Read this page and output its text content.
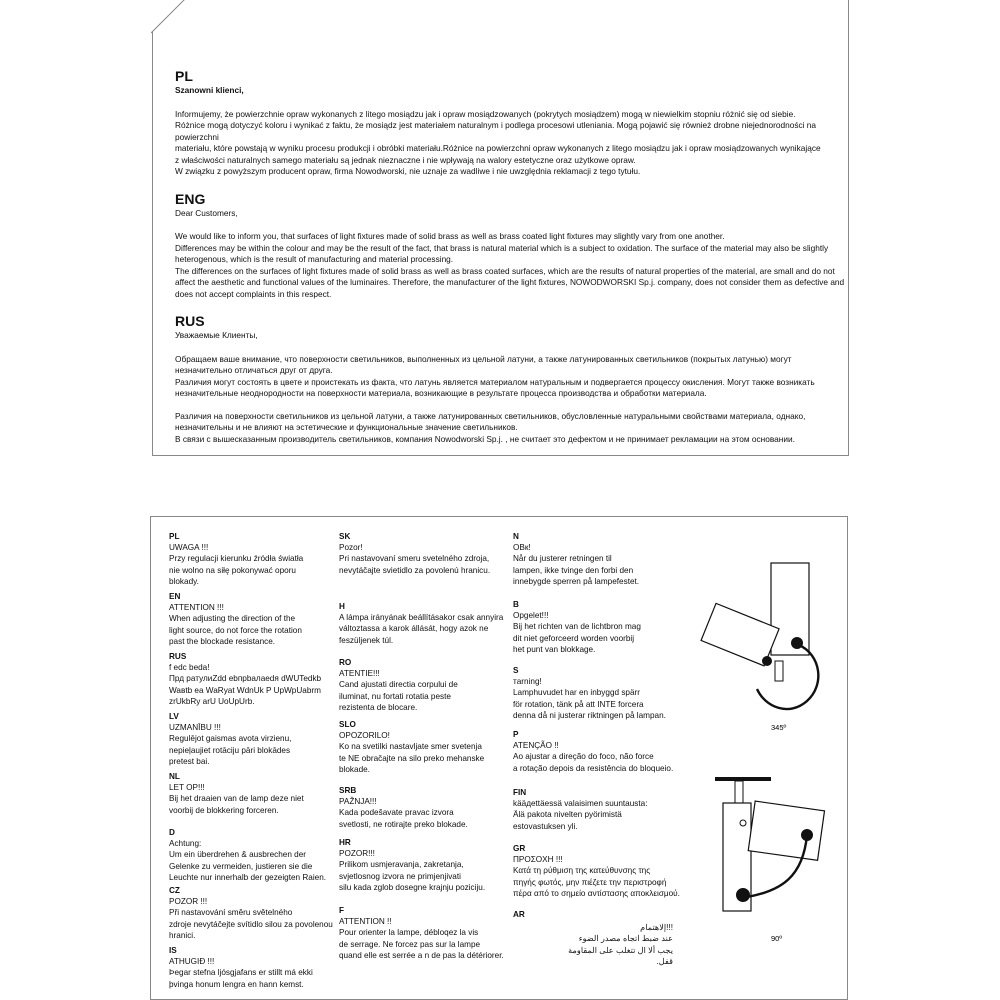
PL
Szanowni klienci,

Informujemy, że powierzchnie opraw wykonanych z litego mosiądzu jak i opraw mosiądzowanych (pokrytych mosiądzem) mogą w niewielkim stopniu różnić się od siebie.

Różnice mogą dotyczyć koloru i wynikać z faktu, że mosiądz jest materiałem naturalnym i podlega procesowi utleniania. Mogą pojawić się również drobne niejednorodności na powierzchni

materiału, które powstają w wyniku procesu produkcji i obróbki materiału.Różnice na powierzchni opraw wykonanych z litego mosiądzu jak i opraw mosiądzowanych wynikające

z właściwości naturalnych samego materiału są jednak nieznaczne i nie wpływają na walory estetyczne oraz użytkowe opraw.

W związku z powyższym producent opraw, firma Nowodworski, nie uznaje za wadliwe i nie uwzględnia reklamacji z tego tytułu.

ENG
Dear Customers,

We would like to inform you, that surfaces of light fixtures made of solid brass as well as brass coated light fixtures may slightly vary from one another.

Differences may be within the colour and may be the result of the fact, that brass is natural material which is a subject to oxidation. The surface of the material may also be slightly

heterogenous, which is the result of manufacturing and material processing.

The differences on the surfaces of light fixtures made of solid brass as well as brass coated surfaces, which are the results of natural properties of the material, are small and do not

affect the aesthetic and functional values of the luminaires. Therefore, the manufacturer of the light fixtures, NOWODWORSKI Sp.j. company, does not consider them as defective and

does not accept complaints in this respect.

RUS
Уважаемые Клиенты,

Обращаем ваше внимание, что поверхности светильников, выполненных из цельной латуни, а также латунированных светильников (покрытых латунью) могут

незначительно отличаться друг от друга.

Различия могут состоять в цвете и проистекать из факта, что латунь является материалом натуральным и подвергается процессу окисления. Могут также возникать

незначительные неоднородности на поверхности материала, возникающие в результате процесса производства и обработки материала.

Различия на поверхности светильников из цельной латуни, а также латунированных светильников, обусловленные натуральными свойствами материала, однако,

незначительны и не влияют на эстетические и функциональные значение светильников.

В связи с вышесказанным производитель светильников, компания Nowodworski Sp.j. , не считает это дефектом и не принимает рекламации на этом основании.

PL
UWAGA !!!
Przy regulacji kierunku źródła światła
nie wolno na siłę pokonywać oporu
blokady.
EN
ATTENTION !!!
When adjusting the direction of the
light source, do not force the rotation
past the blockade resistance.
RUS
f edc beda!
Прд ратулиZdd ebпрbaлаеdя dWUTedkb
Waвtb ea WaRyat WdnUk P UpWpUabrm
zrUkbRy arU UoUpUrb.
LV
UZMANĪBU !!!
Regulējot gaismas avota virzienu,
nepieļaujiet rotāciju pāri blokādes
pretest bai.
NL
LET OP!!!
Bij het draaien van de lamp deze niet
voorbij de blokkering forceren.
D
Achtung:
Um ein überdrehen & ausbrechen der
Gelenke zu vermeiden, justieren sie die
Leuchte nur innerhalb der gezeigten Raien.
CZ
POZOR !!!
Při nastavování směru světelného
zdroje nevytáčejte svítidlo silou za povolenou
hranici.
IS
ATHUGIÐ !!!
Þegar stefna ljósgjafans er stillt má ekki
þvinga honum lengra en hann kemst.
SK
Pozor!
Pri nastavovaní smeru svetelného zdroja,
nevytáčajte svietidlo za povolenú hranicu.
H
A lámpa irányának beállításakor csak annyira
változtassa a karok állását, hogy azok ne
feszüljenek túl.
RO
ATENTIE!!!
Cand ajustati directia corpului de
iluminat, nu fortati rotatia peste
rezistenta de blocare.
SLO
OPOZORILO!
Ko na svetilki nastavljate smer svetenja
te NE obračajte na silo preko mehanske
blokade.
SRB
PAŽNJA!!!
Kada podešavate pravac izvora
svetlosti, ne rotirajte preko blokade.
HR
POZOR!!!
Prilikom usmjeravanja, zakretanja,
svjetlosnog izvora ne primjenjivati
silu kada zglob dosegne krajnju poziciju.
F
ATTENTION !!
Pour orienter la lampe, débloqez la vis
de serrage. Ne forcez pas sur la lampe
quand elle est serrée a n de pas la détériorer.
N
OBк!
Når du justerer retningen til
lampen, ikke tvinge den forbi den
innebygde sperren på lampefestet.
B
Opgelet!!!
Bij het richten van de lichtbron mag
dit niet geforceerd worden voorbij
het punt van blokkage.
S
тarning!
Lamphuvudet har en inbyggd spärr
för rotation, tänk på att INTE forcera
denna då ni justerar riktningen på lampan.
P
ATENÇÃO !!
Ao ajustar a direção do foco, não force
a rotação depois da resistência do bloqueio.
FIN
kääдettäessä valaisimen suuntausta:
Älä pakota nivelten pyörimistä
estovastuksen yli.
GR
ΠΡΟΣΟΧΗ !!!
Κατά τη ρύθμιση της κατεύθυνσης της
πηγής φωτός, μην πιέζετε την περιστροφή
πέρα από το σημείο αντίστασης αποκλεισμού.
AR
!!!إلاهتمام
عند ضبط اتجاه مصدر الضوء
يجب ألا ال تتغلب على المقاومة
قفل.
345º
90º
